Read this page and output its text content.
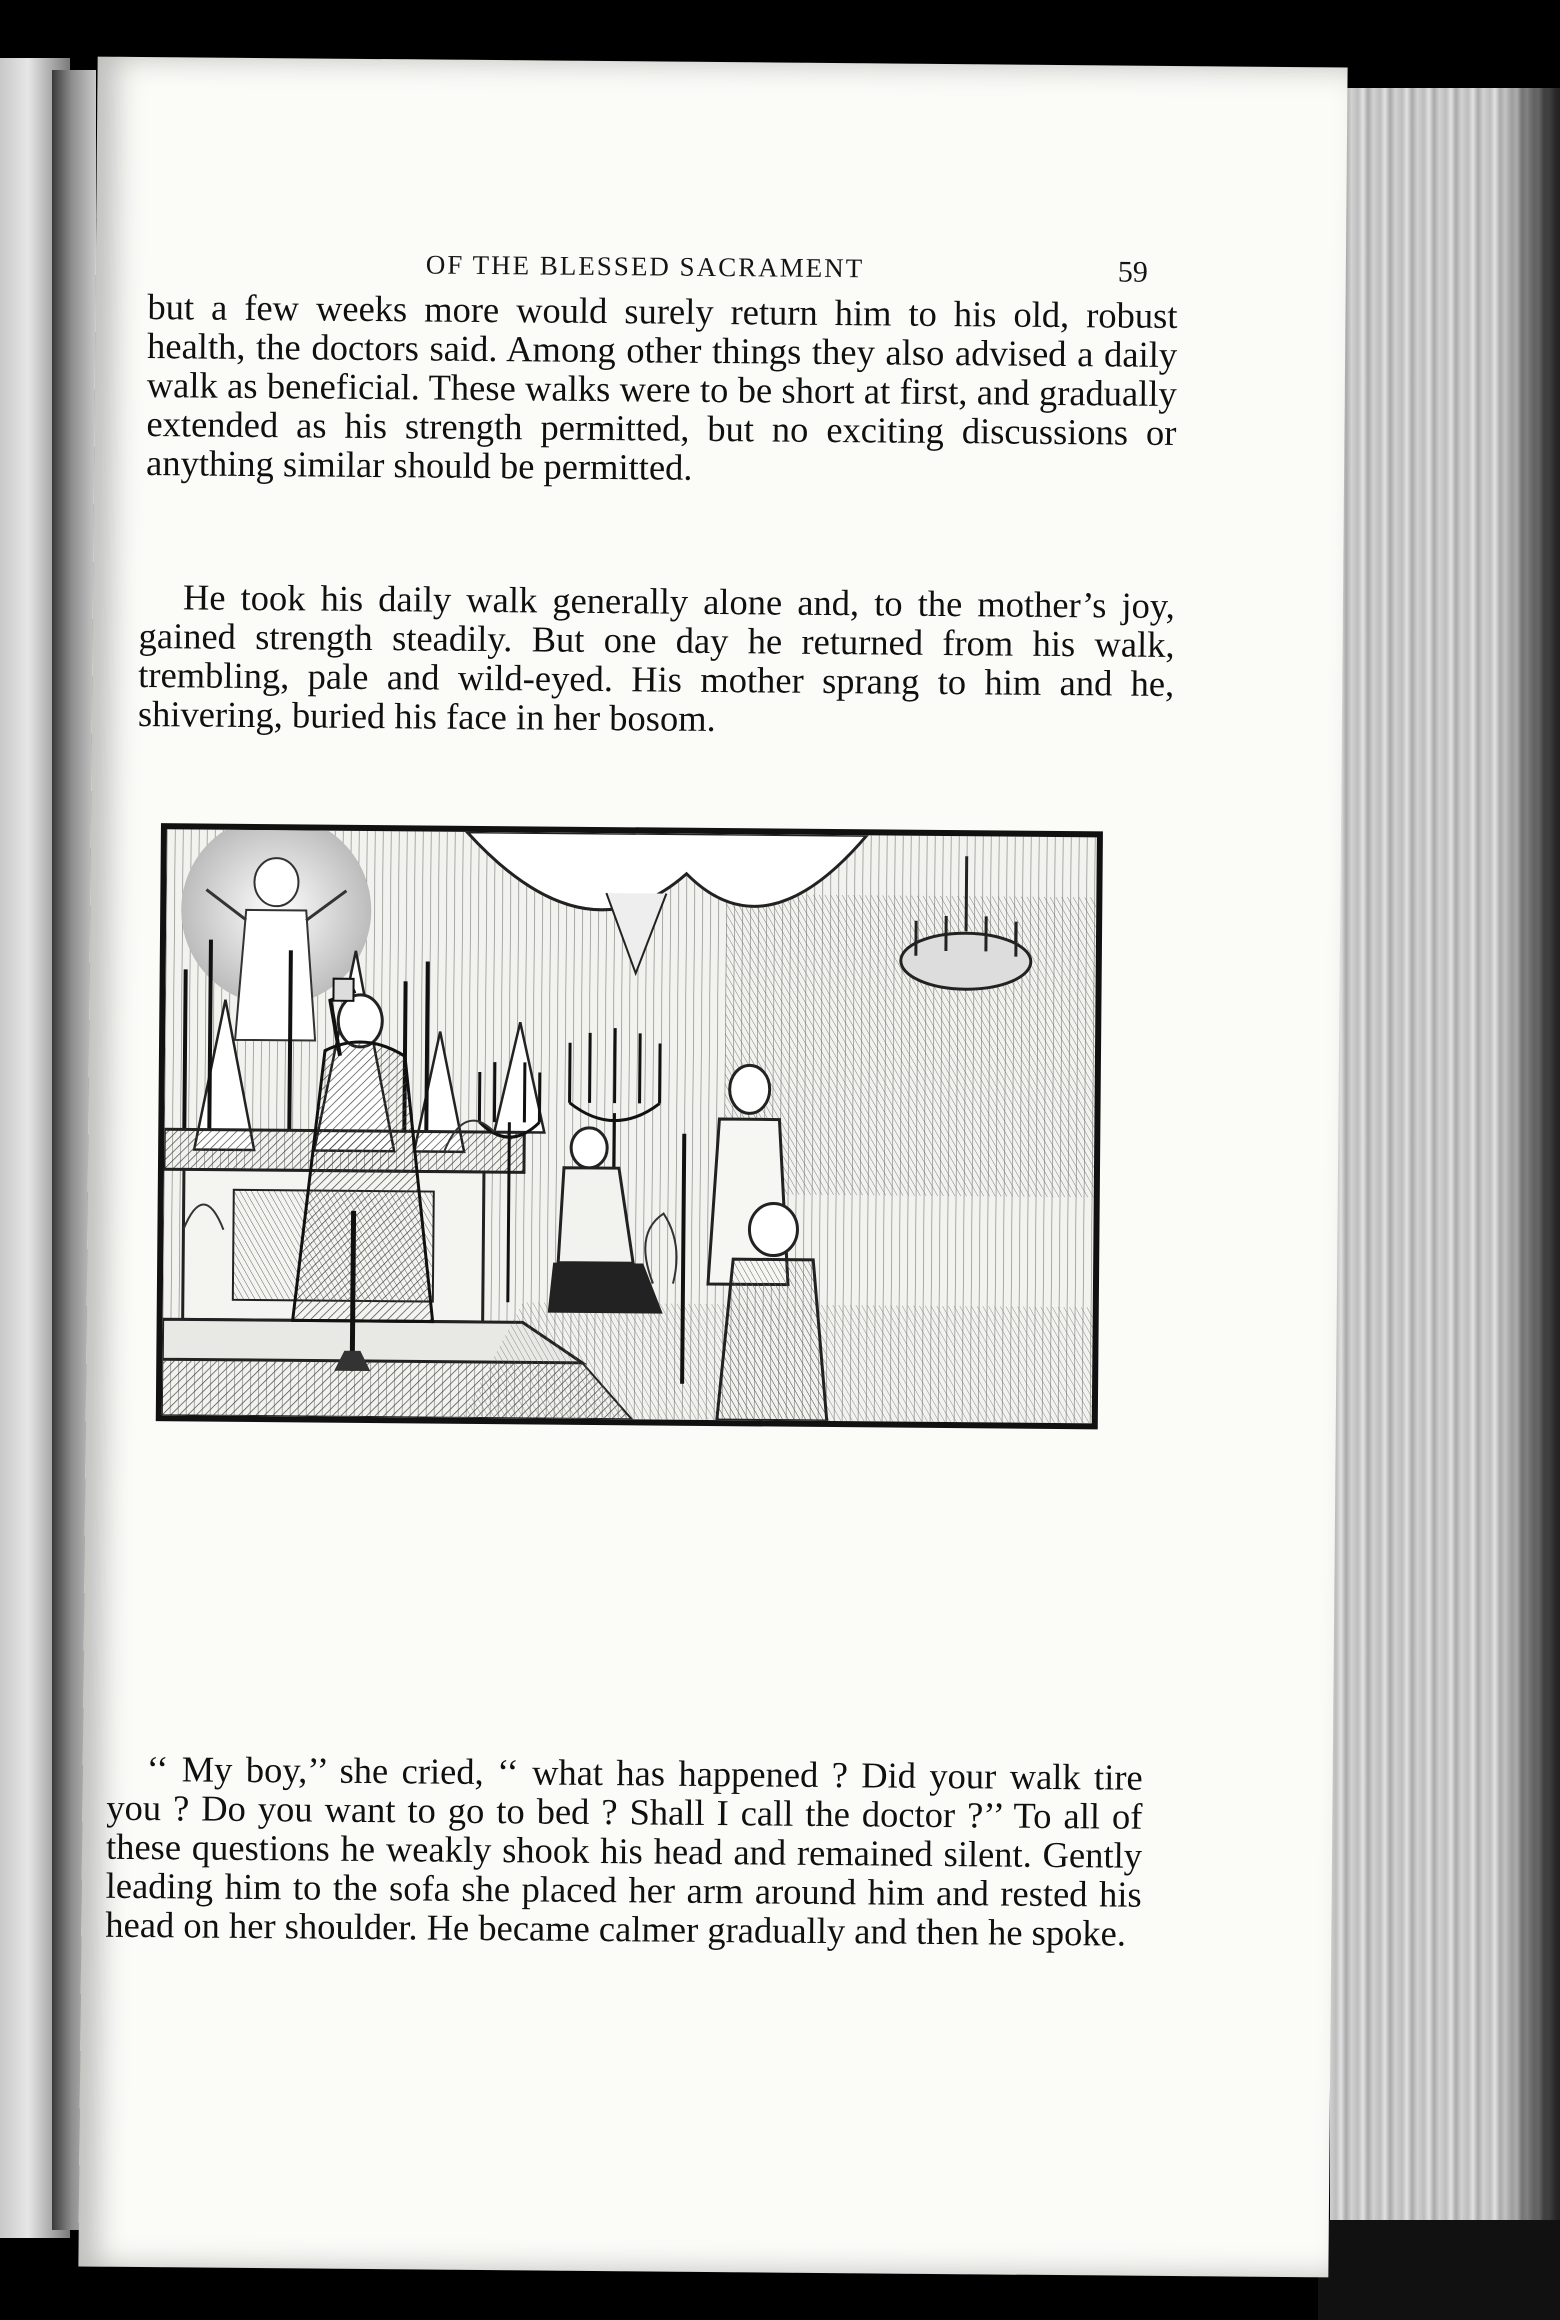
OF THE BLESSED SACRAMENT	59

but a few weeks more would surely return him to his old, robust health, the doctors said. Among other things they also advised a daily walk as beneficial. These walks were to be short at first, and gradually extended as his strength permitted, but no exciting discussions or anything similar should be permitted.

He took his daily walk generally alone and, to the mother’s joy, gained strength steadily. But one day he returned from his walk, trembling, pale and wild-eyed. His mother sprang to him and he, shivering, buried his face in her bosom.

‘‘ My boy,’’ she cried, ‘‘ what has happened ? Did your walk tire you ? Do you want to go to bed ? Shall I call the doctor ?’’ To all of these questions he weakly shook his head and remained silent. Gently leading him to the sofa she placed her arm around him and rested his head on her shoulder. He became calmer gradually and then he spoke.
